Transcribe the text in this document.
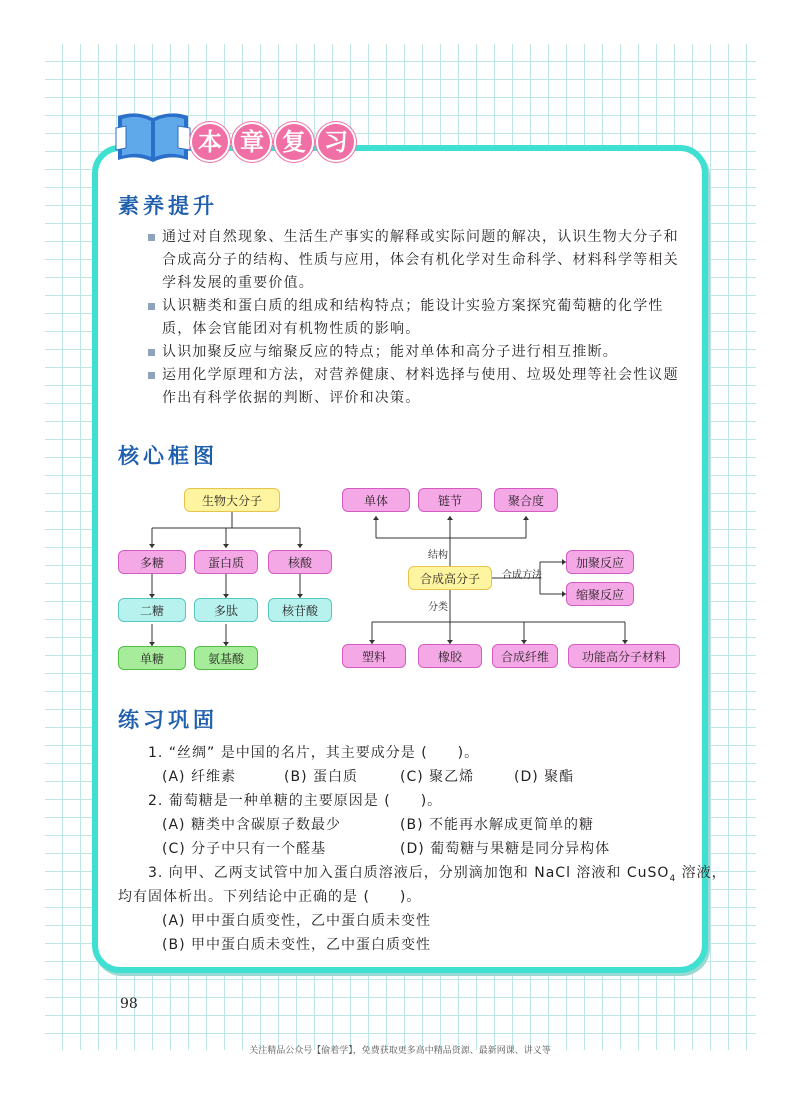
本 章 复 习
素养提升
通过对自然现象、生活生产事实的解释或实际问题的解决，认识生物大分子和合成高分子的结构、性质与应用，体会有机化学对生命科学、材料科学等相关学科发展的重要价值。
认识糖类和蛋白质的组成和结构特点；能设计实验方案探究葡萄糖的化学性质，体会官能团对有机物性质的影响。
认识加聚反应与缩聚反应的特点；能对单体和高分子进行相互推断。
运用化学原理和方法，对营养健康、材料选择与使用、垃圾处理等社会性议题作出有科学依据的判断、评价和决策。
核心框图
生物大分子
多糖	蛋白质	核酸
二糖	多肽	核苷酸
单糖	氨基酸
单体	链节	聚合度
结构
合成高分子	合成方法
加聚反应
缩聚反应
分类
塑料	橡胶	合成纤维	功能高分子材料
练习巩固
1. “丝绸” 是中国的名片，其主要成分是 (　　)。
(A) 纤维素	(B) 蛋白质	(C) 聚乙烯	(D) 聚酯
2. 葡萄糖是一种单糖的主要原因是 (　　)。
(A) 糖类中含碳原子数最少	(B) 不能再水解成更简单的糖
(C) 分子中只有一个醛基	(D) 葡萄糖与果糖是同分异构体
3. 向甲、乙两支试管中加入蛋白质溶液后，分别滴加饱和 NaCl 溶液和 CuSO$_4$ 溶液，
均有固体析出。下列结论中正确的是 (　　)。
(A) 甲中蛋白质变性，乙中蛋白质未变性
(B) 甲中蛋白质未变性，乙中蛋白质变性
98
关注精品公众号【偷着学】，免费获取更多高中精品资源、最新网课、讲义等
